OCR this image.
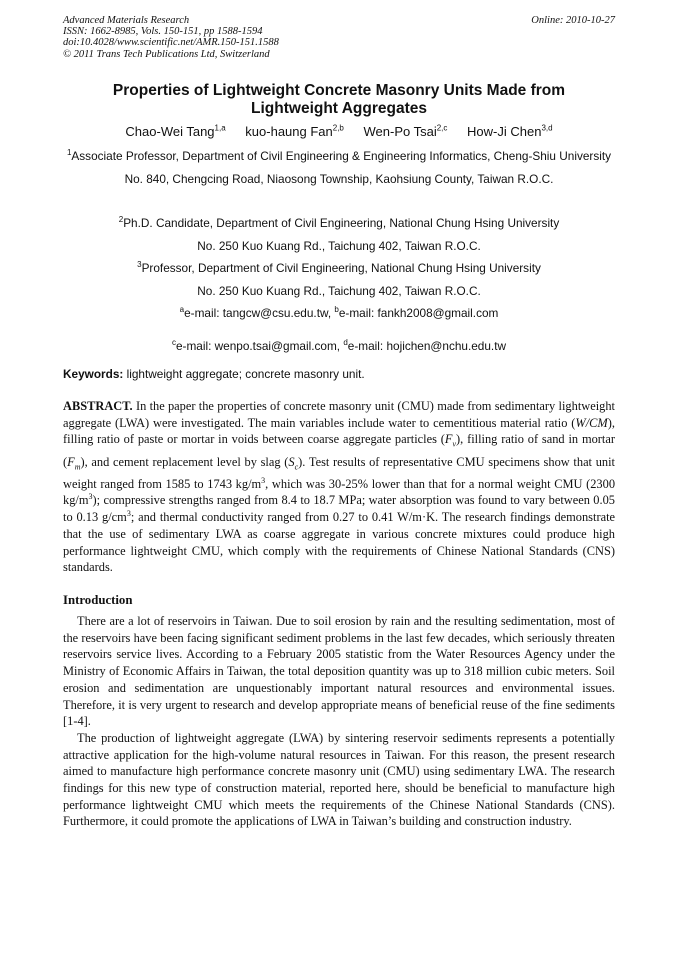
Advanced Materials Research
ISSN: 1662-8985, Vols. 150-151, pp 1588-1594
doi:10.4028/www.scientific.net/AMR.150-151.1588
© 2011 Trans Tech Publications Ltd, Switzerland
Online: 2010-10-27
Properties of Lightweight Concrete Masonry Units Made from Lightweight Aggregates
Chao-Wei Tang$^{1,a}$ kuo-haung Fan$^{2,b}$ Wen-Po Tsai$^{2,c}$ How-Ji Chen$^{3,d}$
$^1$Associate Professor, Department of Civil Engineering & Engineering Informatics, Cheng-Shiu University
No. 840, Chengcing Road, Niaosong Township, Kaohsiung County, Taiwan R.O.C.
$^2$Ph.D. Candidate, Department of Civil Engineering, National Chung Hsing University
No. 250 Kuo Kuang Rd., Taichung 402, Taiwan R.O.C.
$^3$Professor, Department of Civil Engineering, National Chung Hsing University
No. 250 Kuo Kuang Rd., Taichung 402, Taiwan R.O.C.
$^a$e-mail: tangcw@csu.edu.tw, $^b$e-mail: fankh2008@gmail.com
$^c$e-mail: wenpo.tsai@gmail.com, $^d$e-mail: hojichen@nchu.edu.tw
Keywords: lightweight aggregate; concrete masonry unit.
ABSTRACT. In the paper the properties of concrete masonry unit (CMU) made from sedimentary lightweight aggregate (LWA) were investigated. The main variables include water to cementitious material ratio (W/CM), filling ratio of paste or mortar in voids between coarse aggregate particles $(F_v)$, filling ratio of sand in mortar $(F_m)$, and cement replacement level by slag $(S_c)$. Test results of representative CMU specimens show that unit weight ranged from 1585 to 1743 $kg/m^3$, which was 30-25% lower than that for a normal weight CMU (2300 $kg/m^3$); compressive strengths ranged from 8.4 to 18.7 MPa; water absorption was found to vary between 0.05 to 0.13 $g/cm^3$; and thermal conductivity ranged from 0.27 to 0.41 W/m·K. The research findings demonstrate that the use of sedimentary LWA as coarse aggregate in various concrete mixtures could produce high performance lightweight CMU, which comply with the requirements of Chinese National Standards (CNS) standards.
Introduction

There are a lot of reservoirs in Taiwan. Due to soil erosion by rain and the resulting sedimentation, most of the reservoirs have been facing significant sediment problems in the last few decades, which seriously threaten reservoirs service lives. According to a February 2005 statistic from the Water Resources Agency under the Ministry of Economic Affairs in Taiwan, the total deposition quantity was up to 318 million cubic meters. Soil erosion and sedimentation are unquestionably important natural resources and environmental issues. Therefore, it is very urgent to research and develop appropriate means of beneficial reuse of the fine sediments [1-4].

The production of lightweight aggregate (LWA) by sintering reservoir sediments represents a potentially attractive application for the high-volume natural resources in Taiwan. For this reason, the present research aimed to manufacture high performance concrete masonry unit (CMU) using sedimentary LWA. The research findings for this new type of construction material, reported here, should be beneficial to manufacture high performance lightweight CMU which meets the requirements of the Chinese National Standards (CNS). Furthermore, it could promote the applications of LWA in Taiwan’s building and construction industry.
